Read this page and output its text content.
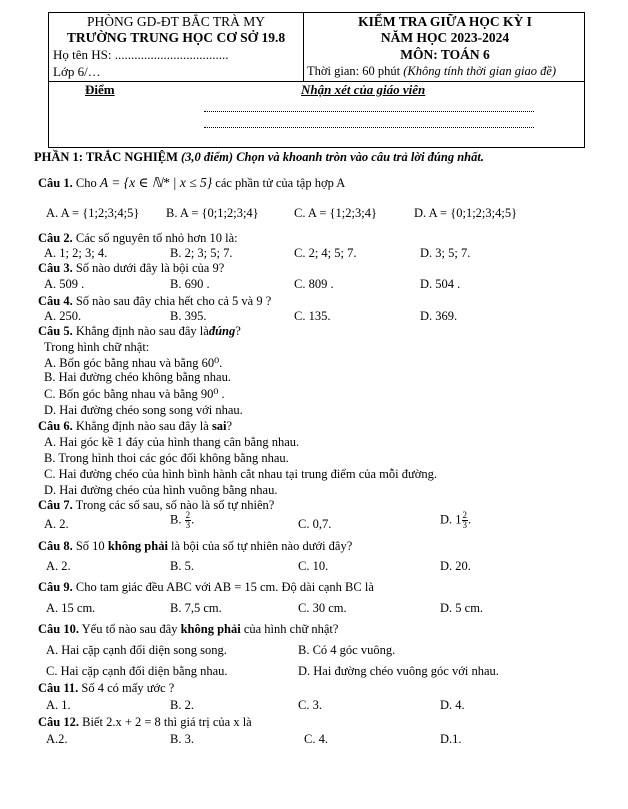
PHÒNG GD-ĐT BẮC TRÀ MY
TRƯỜNG TRUNG HỌC CƠ SỞ 19.8
Họ tên HS: ...................................
Lớp 6/…
KIỂM TRA GIỮA HỌC KỲ I
NĂM HỌC 2023-2024
MÔN: TOÁN 6
Thời gian: 60 phút (Không tính thời gian giao đề)
Điểm	Nhận xét của giáo viên
PHẦN 1: TRẮC NGHIỆM (3,0 điểm) Chọn và khoanh tròn vào câu trả lời đúng nhất.
Câu 1. Cho A = {x ∈ ℕ* | x ≤ 5} các phần tử của tập hợp A
A. A = {1;2;3;4;5} B. A = {0;1;2;3;4}	C. A = {1;2;3;4}	D. A = {0;1;2;3;4;5}
Câu 2. Các số nguyên tố nhỏ hơn 10 là:
A. 1; 2; 3; 4.	B. 2; 3; 5; 7.	C. 2; 4; 5; 7.	D. 3; 5; 7.
Câu 3. Số nào dưới đây là bội của 9?
A. 509 .	B. 690 .	C. 809 .	D. 504 .
Câu 4. Số nào sau đây chia hết cho cả 5 và 9 ?
A. 250.	B. 395.	C. 135.	D. 369.
Câu 5. Khẳng định nào sau đây làđúng?
Trong hình chữ nhật:
A. Bốn góc bằng nhau và bằng 60⁰.
B. Hai đường chéo không bằng nhau.
C. Bốn góc bằng nhau và bằng 90⁰ .
D. Hai đường chéo song song với nhau.
Câu 6. Khẳng định nào sau đây là sai?
A. Hai góc kề 1 đáy của hình thang cân bằng nhau.
B. Trong hình thoi các góc đối không bằng nhau.
C. Hai đường chéo của hình bình hành cắt nhau tại trung điểm của mỗi đường.
D. Hai đường chéo của hình vuông bằng nhau.
Câu 7. Trong các số sau, số nào là số tự nhiên?
A. 2.	B. $\frac{2}{3}$ .	C. 0,7.	D. $1 \frac{2}{3}$ .
Câu 8. Số 10 không phải là bội của số tự nhiên nào dưới đây?
A. 2.	B. 5.	C. 10.	D. 20.
Câu 9. Cho tam giác đều ABC với AB = 15 cm. Độ dài cạnh BC là
A. 15 cm.	B. 7,5 cm.	C. 30 cm.	D. 5 cm.
Câu 10. Yếu tố nào sau đây không phải của hình chữ nhật?
A. Hai cặp cạnh đối diện song song.	B. Có 4 góc vuông.
C. Hai cặp cạnh đối diện bằng nhau.	D. Hai đường chéo vuông góc với nhau.
Câu 11. Số 4 có mấy ước ?
A. 1.	B. 2.	C. 3.	D. 4.
Câu 12. Biết 2.x + 2 = 8 thì giá trị của x là
A.2.	B. 3.	C. 4.	D.1.
